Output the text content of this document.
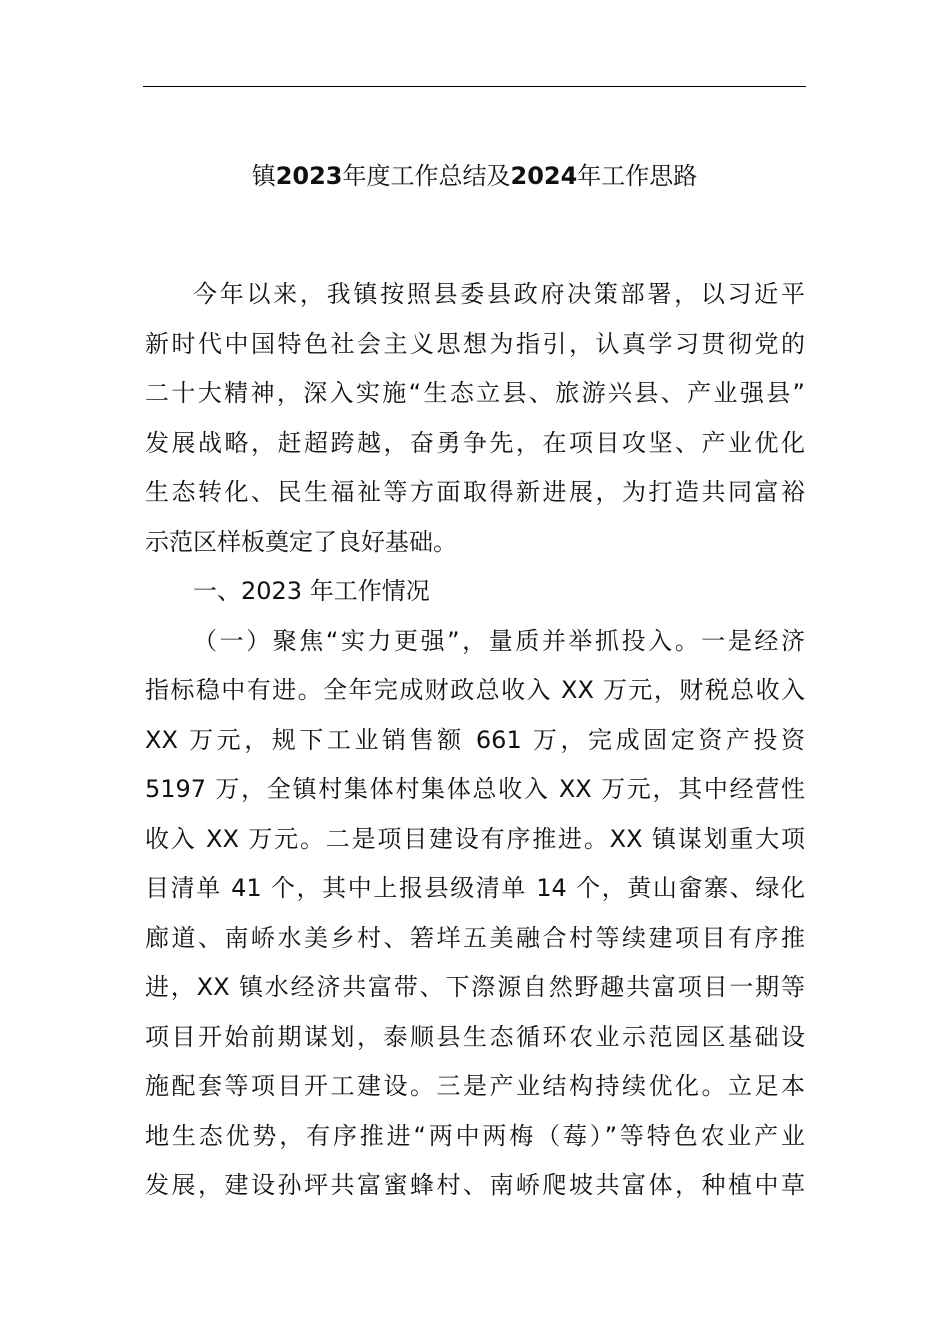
镇2023年度工作总结及2024年工作思路
今年以来，我镇按照县委县政府决策部署，以习近平
新时代中国特色社会主义思想为指引，认真学习贯彻党的
二十大精神，深入实施“生态立县、旅游兴县、产业强县”
发展战略，赶超跨越，奋勇争先，在项目攻坚、产业优化
生态转化、民生福祉等方面取得新进展，为打造共同富裕
示范区样板奠定了良好基础。
一、2023 年工作情况
（一）聚焦“实力更强”，量质并举抓投入。一是经济
指标稳中有进。全年完成财政总收入 XX 万元，财税总收入
XX 万元，规下工业销售额 661 万，完成固定资产投资
5197 万，全镇村集体村集体总收入 XX 万元，其中经营性
收入 XX 万元。二是项目建设有序推进。XX 镇谋划重大项
目清单 41 个，其中上报县级清单 14 个，黄山畲寨、绿化
廊道、南峤水美乡村、箬垟五美融合村等续建项目有序推
进，XX 镇水经济共富带、下漈源自然野趣共富项目一期等
项目开始前期谋划，泰顺县生态循环农业示范园区基础设
施配套等项目开工建设。三是产业结构持续优化。立足本
地生态优势，有序推进“两中两梅（莓）”等特色农业产业
发展，建设孙坪共富蜜蜂村、南峤爬坡共富体，种植中草
